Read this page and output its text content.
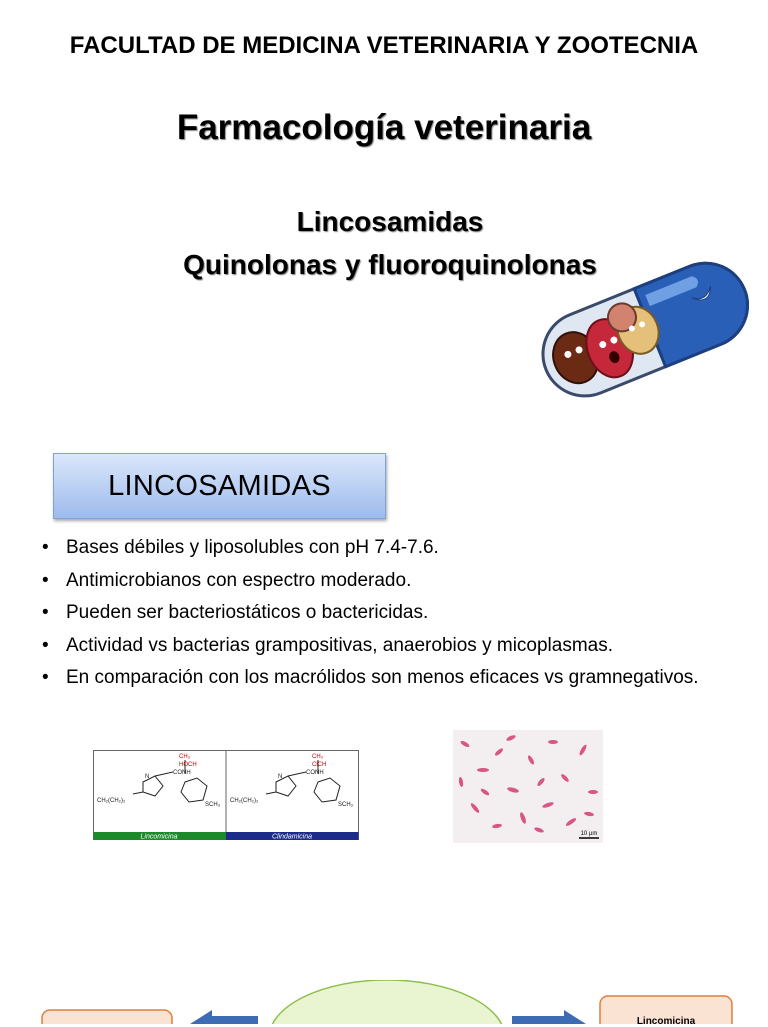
FACULTAD DE MEDICINA VETERINARIA Y ZOOTECNIA
Farmacología veterinaria
Lincosamidas
Quinolonas y fluoroquinolonas
LINCOSAMIDAS
• Bases débiles y liposolubles con pH 7.4-7.6.
• Antimicrobianos con espectro moderado.
• Pueden ser bacteriostáticos o bactericidas.
• Actividad vs bacterias grampositivas, anaerobios y micoplasmas.
• En comparación con los macrólidos son menos eficaces vs gramnegativos.
N
CONH
CH₂(CH₂)₂
SCH₃
CH₃
HOCH
N
CONH
CH₂(CH₂)₂
SCH₃
CH₃
ClCH
Lincomicina	Clindamicina	10 µm
Lincomicina
